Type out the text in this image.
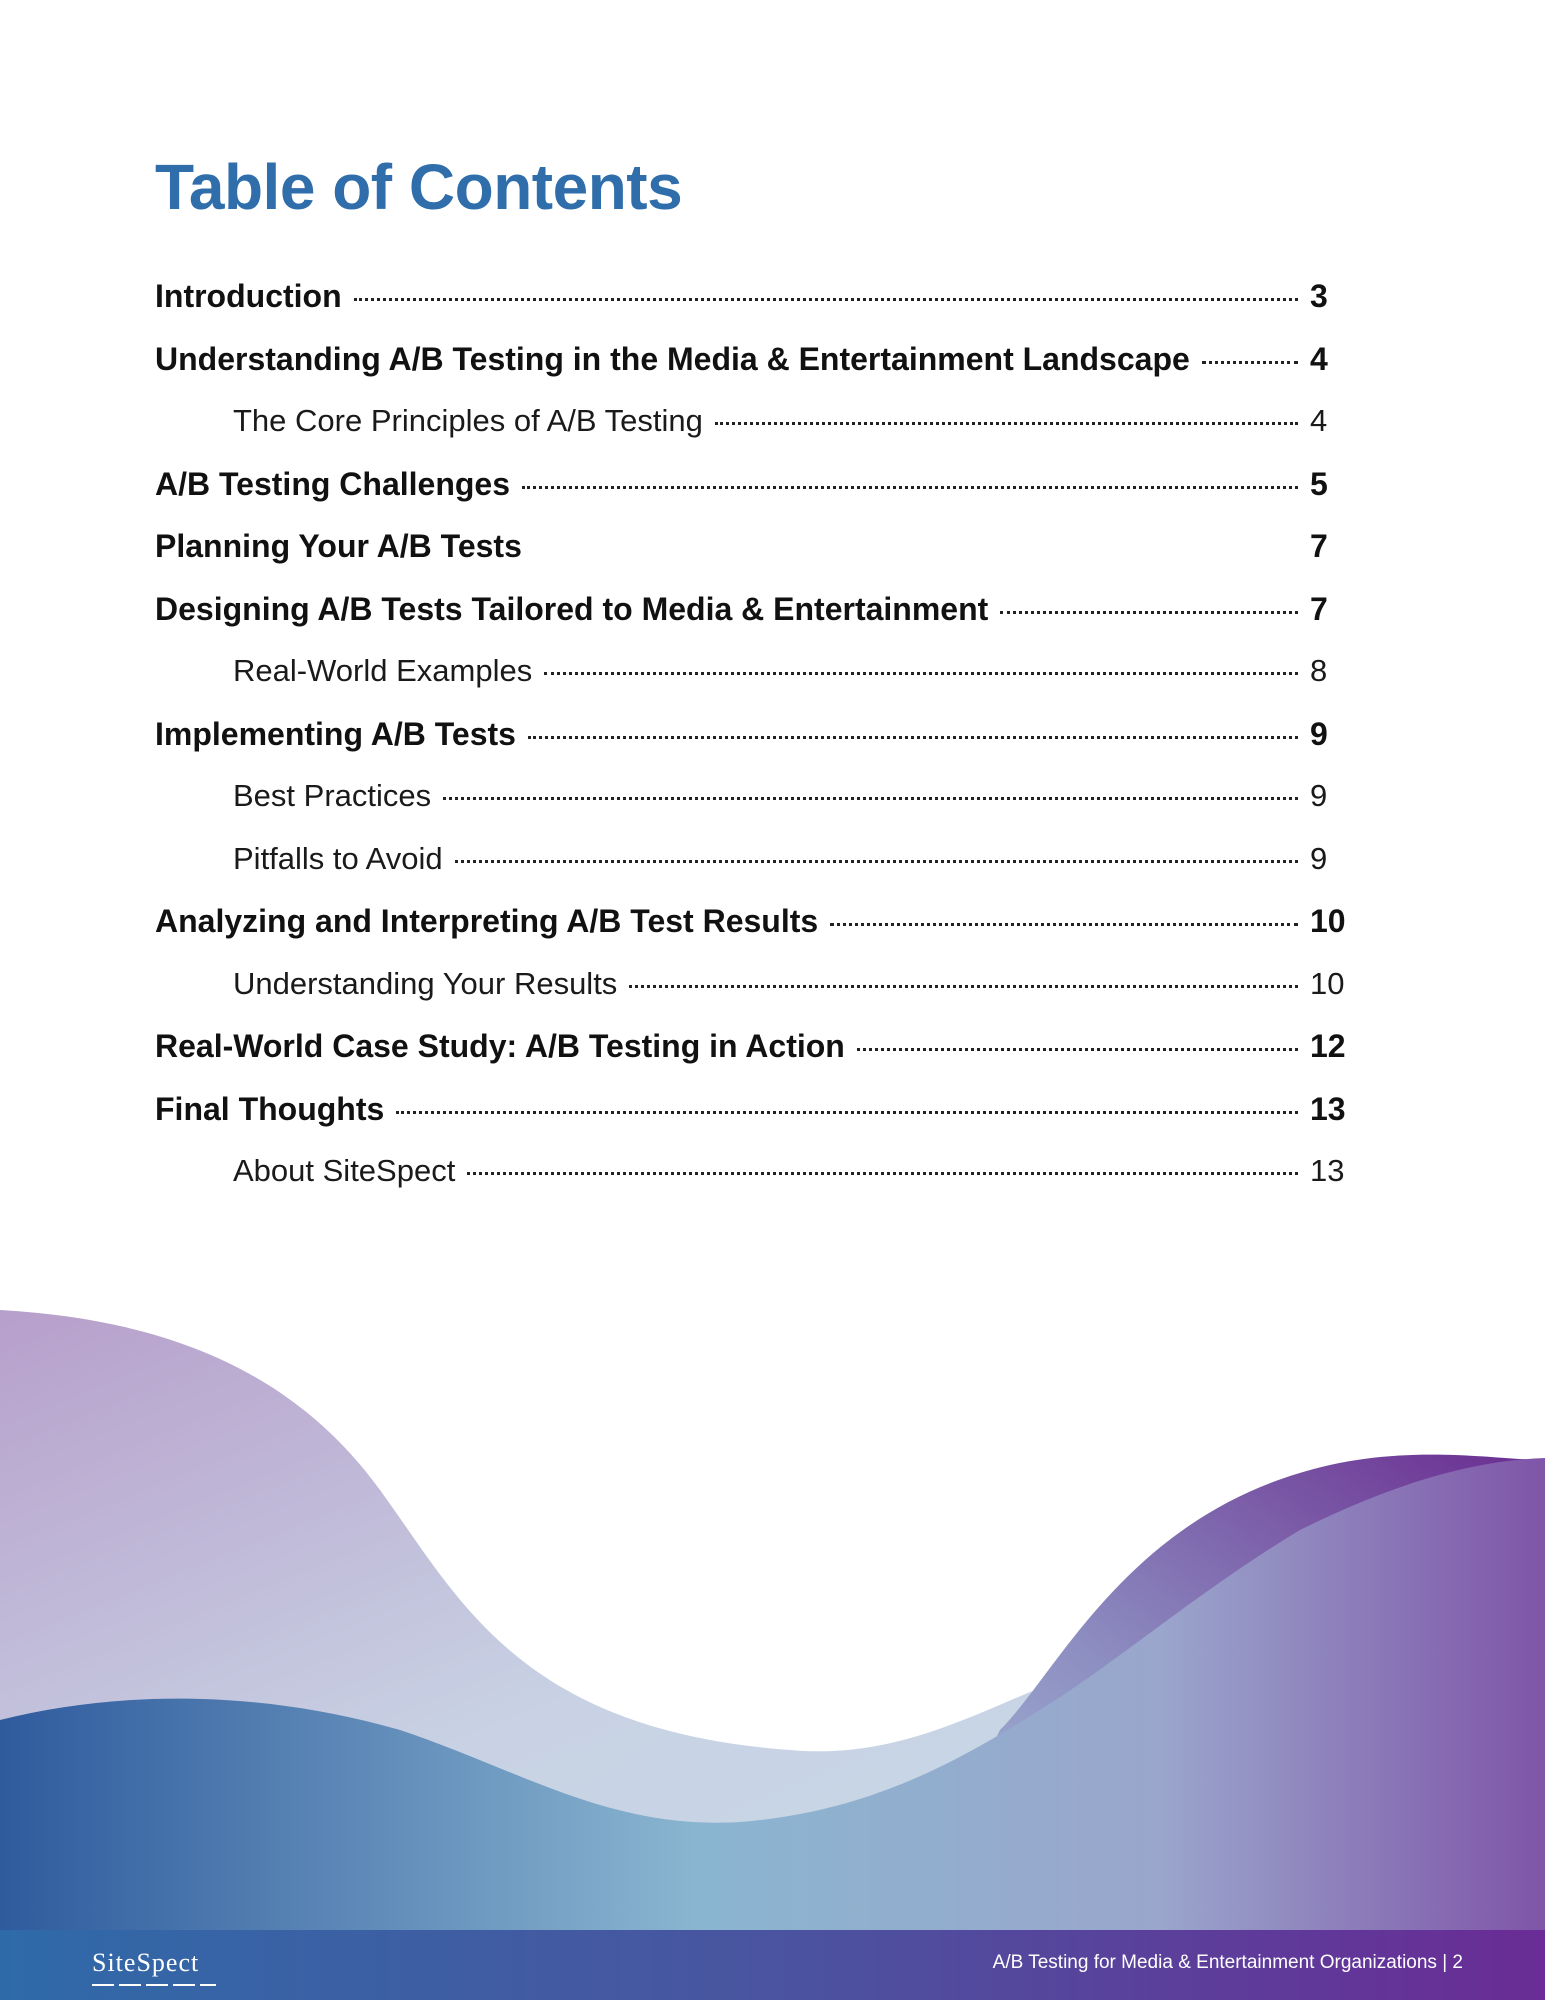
Table of Contents
Introduction	3
Understanding A/B Testing in the Media & Entertainment Landscape	4
The Core Principles of A/B Testing	4
A/B Testing Challenges	5
Planning Your A/B Tests	7
Designing A/B Tests Tailored to Media & Entertainment	7
Real-World Examples	8
Implementing A/B Tests	9
Best Practices	9
Pitfalls to Avoid	9
Analyzing and Interpreting A/B Test Results	10
Understanding Your Results	10
Real-World Case Study: A/B Testing in Action	12
Final Thoughts	13
About SiteSpect	13
SiteSpect	A/B Testing for Media & Entertainment Organizations | 2
